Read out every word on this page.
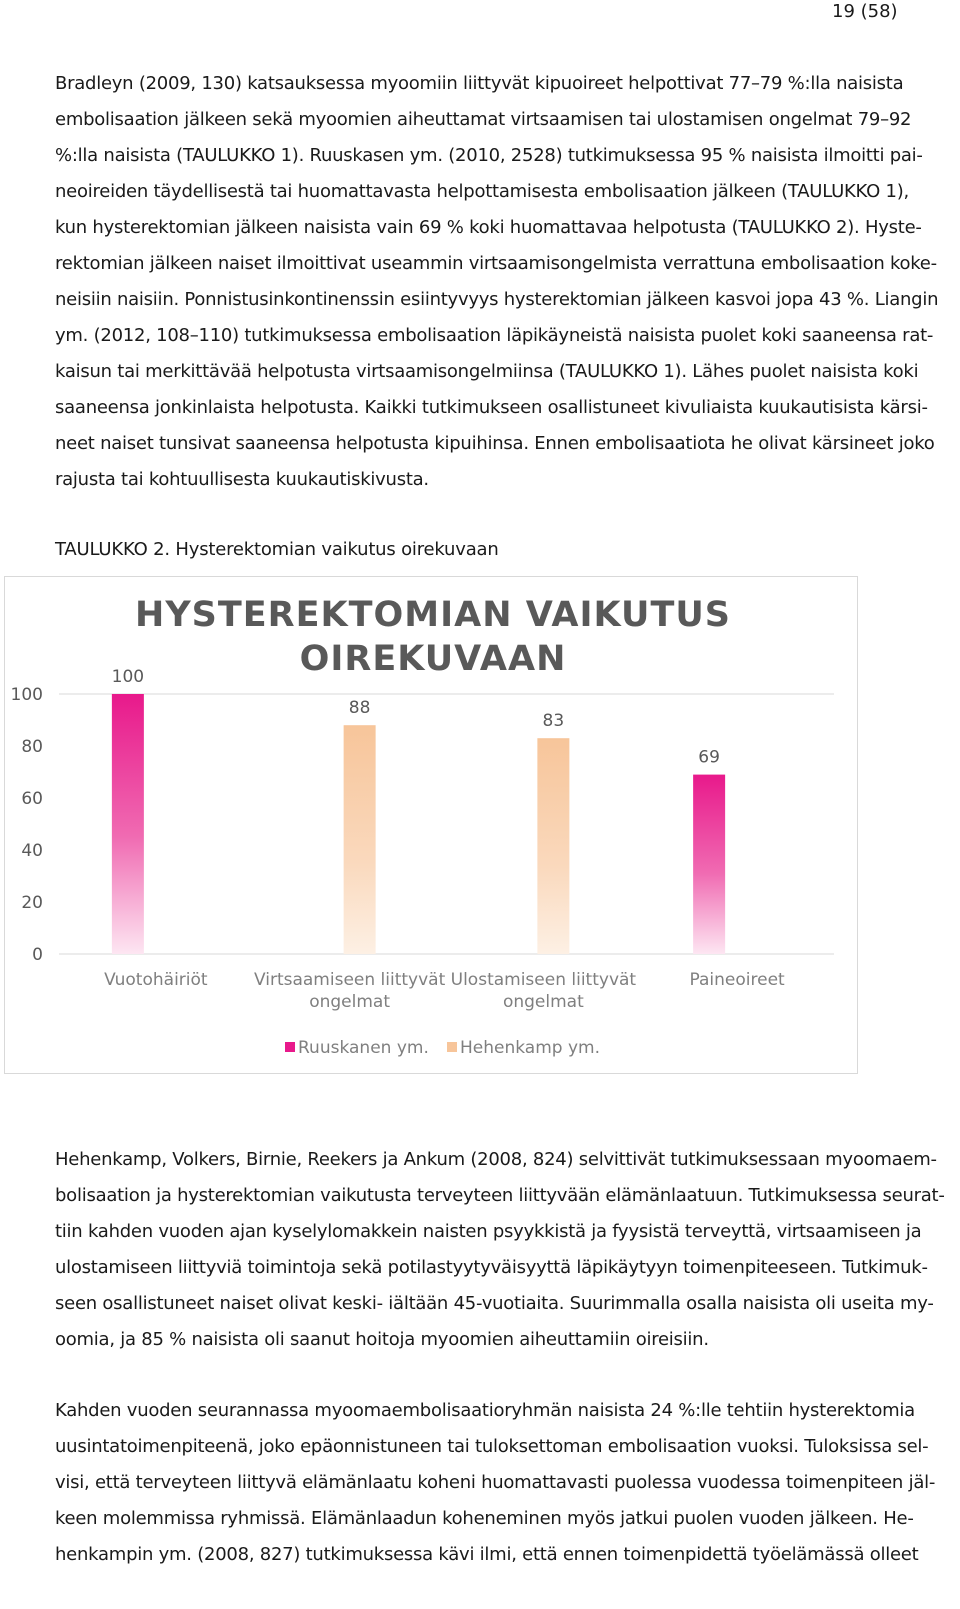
19 (58)
Bradleyn (2009, 130) katsauksessa myoomiin liittyvät kipuoireet helpottivat 77–79 %:lla naisista
embolisaation jälkeen sekä myoomien aiheuttamat virtsaamisen tai ulostamisen ongelmat 79–92
%:lla naisista (TAULUKKO 1). Ruuskasen ym. (2010, 2528) tutkimuksessa 95 % naisista ilmoitti pai-
neoireiden täydellisestä tai huomattavasta helpottamisesta embolisaation jälkeen (TAULUKKO 1),
kun hysterektomian jälkeen naisista vain 69 % koki huomattavaa helpotusta (TAULUKKO 2). Hyste-
rektomian jälkeen naiset ilmoittivat useammin virtsaamisongelmista verrattuna embolisaation koke-
neisiin naisiin. Ponnistusinkontinenssin esiintyvyys hysterektomian jälkeen kasvoi jopa 43 %. Liangin
ym. (2012, 108–110) tutkimuksessa embolisaation läpikäyneistä naisista puolet koki saaneensa rat-
kaisun tai merkittävää helpotusta virtsaamisongelmiinsa (TAULUKKO 1). Lähes puolet naisista koki
saaneensa jonkinlaista helpotusta. Kaikki tutkimukseen osallistuneet kivuliaista kuukautisista kärsi-
neet naiset tunsivat saaneensa helpotusta kipuihinsa. Ennen embolisaatiota he olivat kärsineet joko
rajusta tai kohtuullisesta kuukautiskivusta.
TAULUKKO 2. Hysterektomian vaikutus oirekuvaan
HYSTEREKTOMIAN VAIKUTUS
OIREKUVAAN
0
20
40
60
80
100
Vuotohäiriöt
100
Virtsaamiseen liittyvät
ongelmat
88
Ulostamiseen liittyvät
ongelmat
83
Paineoireet
69
Ruuskanen ym. Hehenkamp ym.
Hehenkamp, Volkers, Birnie, Reekers ja Ankum (2008, 824) selvittivät tutkimuksessaan myoomaem-
bolisaation ja hysterektomian vaikutusta terveyteen liittyvään elämänlaatuun. Tutkimuksessa seurat-
tiin kahden vuoden ajan kyselylomakkein naisten psyykkistä ja fyysistä terveyttä, virtsaamiseen ja
ulostamiseen liittyviä toimintoja sekä potilastyytyväisyyttä läpikäytyyn toimenpiteeseen. Tutkimuk-
seen osallistuneet naiset olivat keski- iältään 45-vuotiaita. Suurimmalla osalla naisista oli useita my-
oomia, ja 85 % naisista oli saanut hoitoja myoomien aiheuttamiin oireisiin.
Kahden vuoden seurannassa myoomaembolisaatioryhmän naisista 24 %:lle tehtiin hysterektomia
uusintatoimenpiteenä, joko epäonnistuneen tai tuloksettoman embolisaation vuoksi. Tuloksissa sel-
visi, että terveyteen liittyvä elämänlaatu koheni huomattavasti puolessa vuodessa toimenpiteen jäl-
keen molemmissa ryhmissä. Elämänlaadun koheneminen myös jatkui puolen vuoden jälkeen. He-
henkampin ym. (2008, 827) tutkimuksessa kävi ilmi, että ennen toimenpidettä työelämässä olleet
